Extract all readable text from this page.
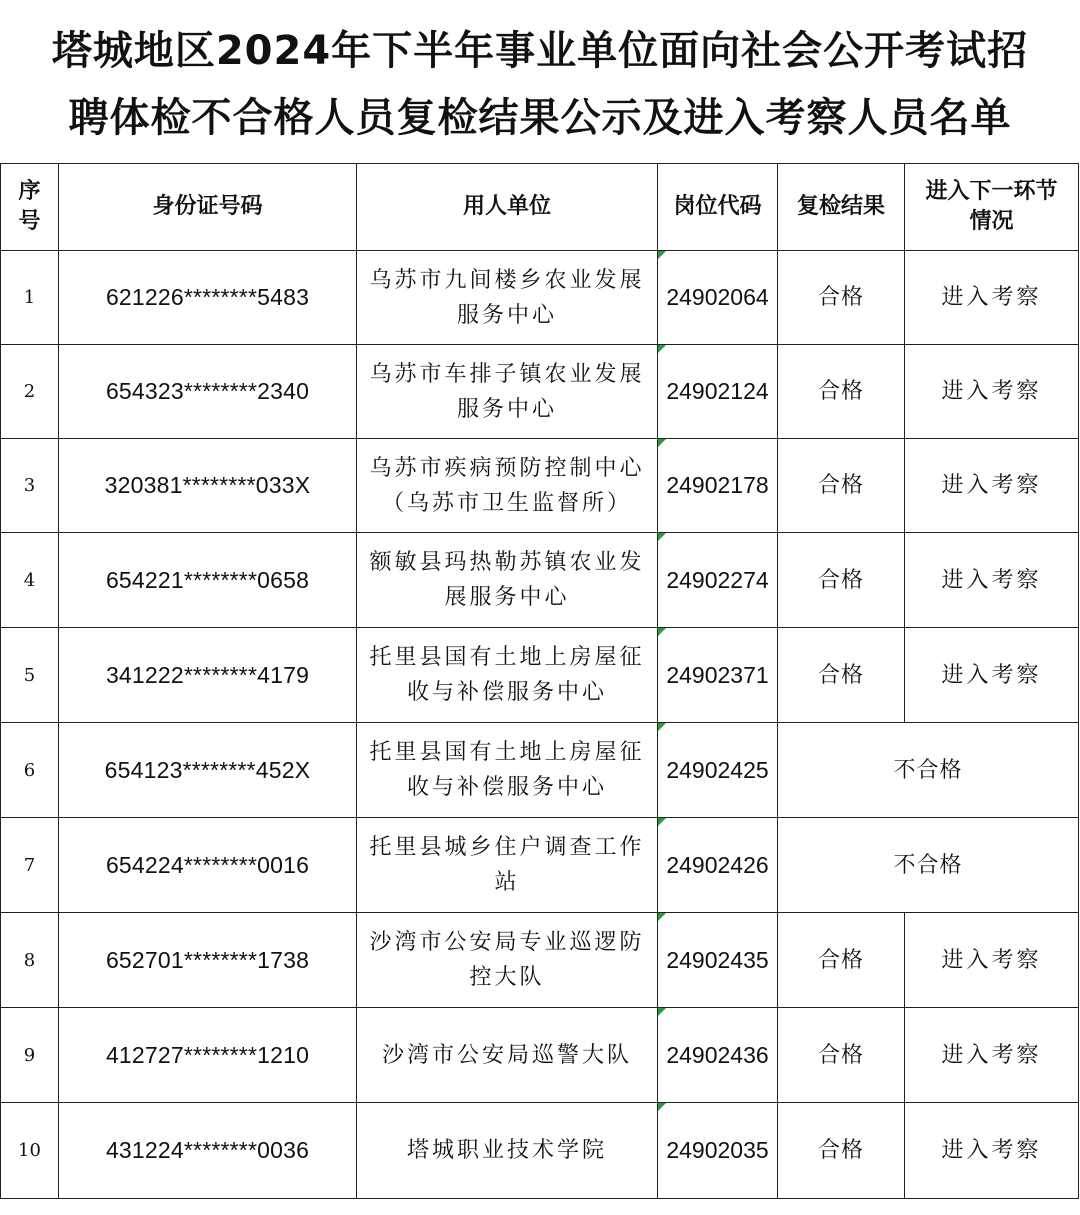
塔城地区2024年下半年事业单位面向社会公开考试招
聘体检不合格人员复检结果公示及进入考察人员名单
序号	身份证号码	用人单位	岗位代码	复检结果	进入下一环节情况

1	621226********5483	乌苏市九间楼乡农业发展服务中心	24902064	合格	进入考察
2	654323********2340	乌苏市车排子镇农业发展服务中心	24902124	合格	进入考察
3	320381********033X	乌苏市疾病预防控制中心（乌苏市卫生监督所）	24902178	合格	进入考察
4	654221********0658	额敏县玛热勒苏镇农业发展服务中心	24902274	合格	进入考察
5	341222********4179	托里县国有土地上房屋征收与补偿服务中心	24902371	合格	进入考察
6	654123********452X	托里县国有土地上房屋征收与补偿服务中心	24902425	不合格	
7	654224********0016	托里县城乡住户调查工作站	24902426	不合格	
8	652701********1738	沙湾市公安局专业巡逻防控大队	24902435	合格	进入考察
9	412727********1210	沙湾市公安局巡警大队	24902436	合格	进入考察
10	431224********0036	塔城职业技术学院	24902035	合格	进入考察
